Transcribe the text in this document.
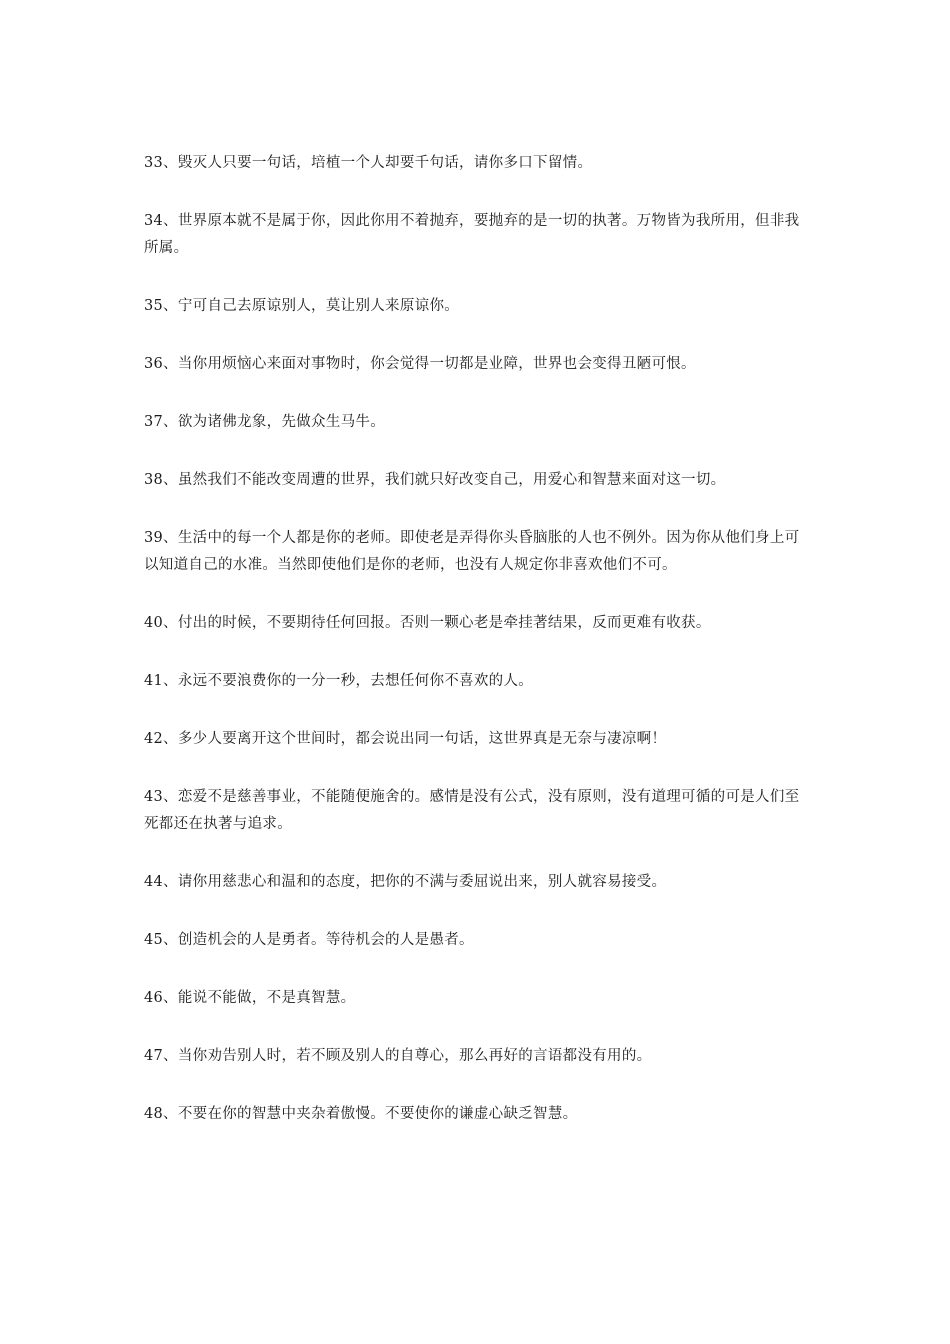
33、毁灭人只要一句话，培植一个人却要千句话，请你多口下留情。
34、世界原本就不是属于你，因此你用不着抛弃，要抛弃的是一切的执著。万物皆为我所用，但非我所属。
35、宁可自己去原谅别人，莫让别人来原谅你。
36、当你用烦恼心来面对事物时，你会觉得一切都是业障，世界也会变得丑陋可恨。
37、欲为诸佛龙象，先做众生马牛。
38、虽然我们不能改变周遭的世界，我们就只好改变自己，用爱心和智慧来面对这一切。
39、生活中的每一个人都是你的老师。即使老是弄得你头昏脑胀的人也不例外。因为你从他们身上可以知道自己的水准。当然即使他们是你的老师，也没有人规定你非喜欢他们不可。
40、付出的时候，不要期待任何回报。否则一颗心老是牵挂著结果，反而更难有收获。
41、永远不要浪费你的一分一秒，去想任何你不喜欢的人。
42、多少人要离开这个世间时，都会说出同一句话，这世界真是无奈与凄凉啊！
43、恋爱不是慈善事业，不能随便施舍的。感情是没有公式，没有原则，没有道理可循的可是人们至死都还在执著与追求。
44、请你用慈悲心和温和的态度，把你的不满与委屈说出来，别人就容易接受。
45、创造机会的人是勇者。等待机会的人是愚者。
46、能说不能做，不是真智慧。
47、当你劝告别人时，若不顾及别人的自尊心，那么再好的言语都没有用的。
48、不要在你的智慧中夹杂着傲慢。不要使你的谦虚心缺乏智慧。
